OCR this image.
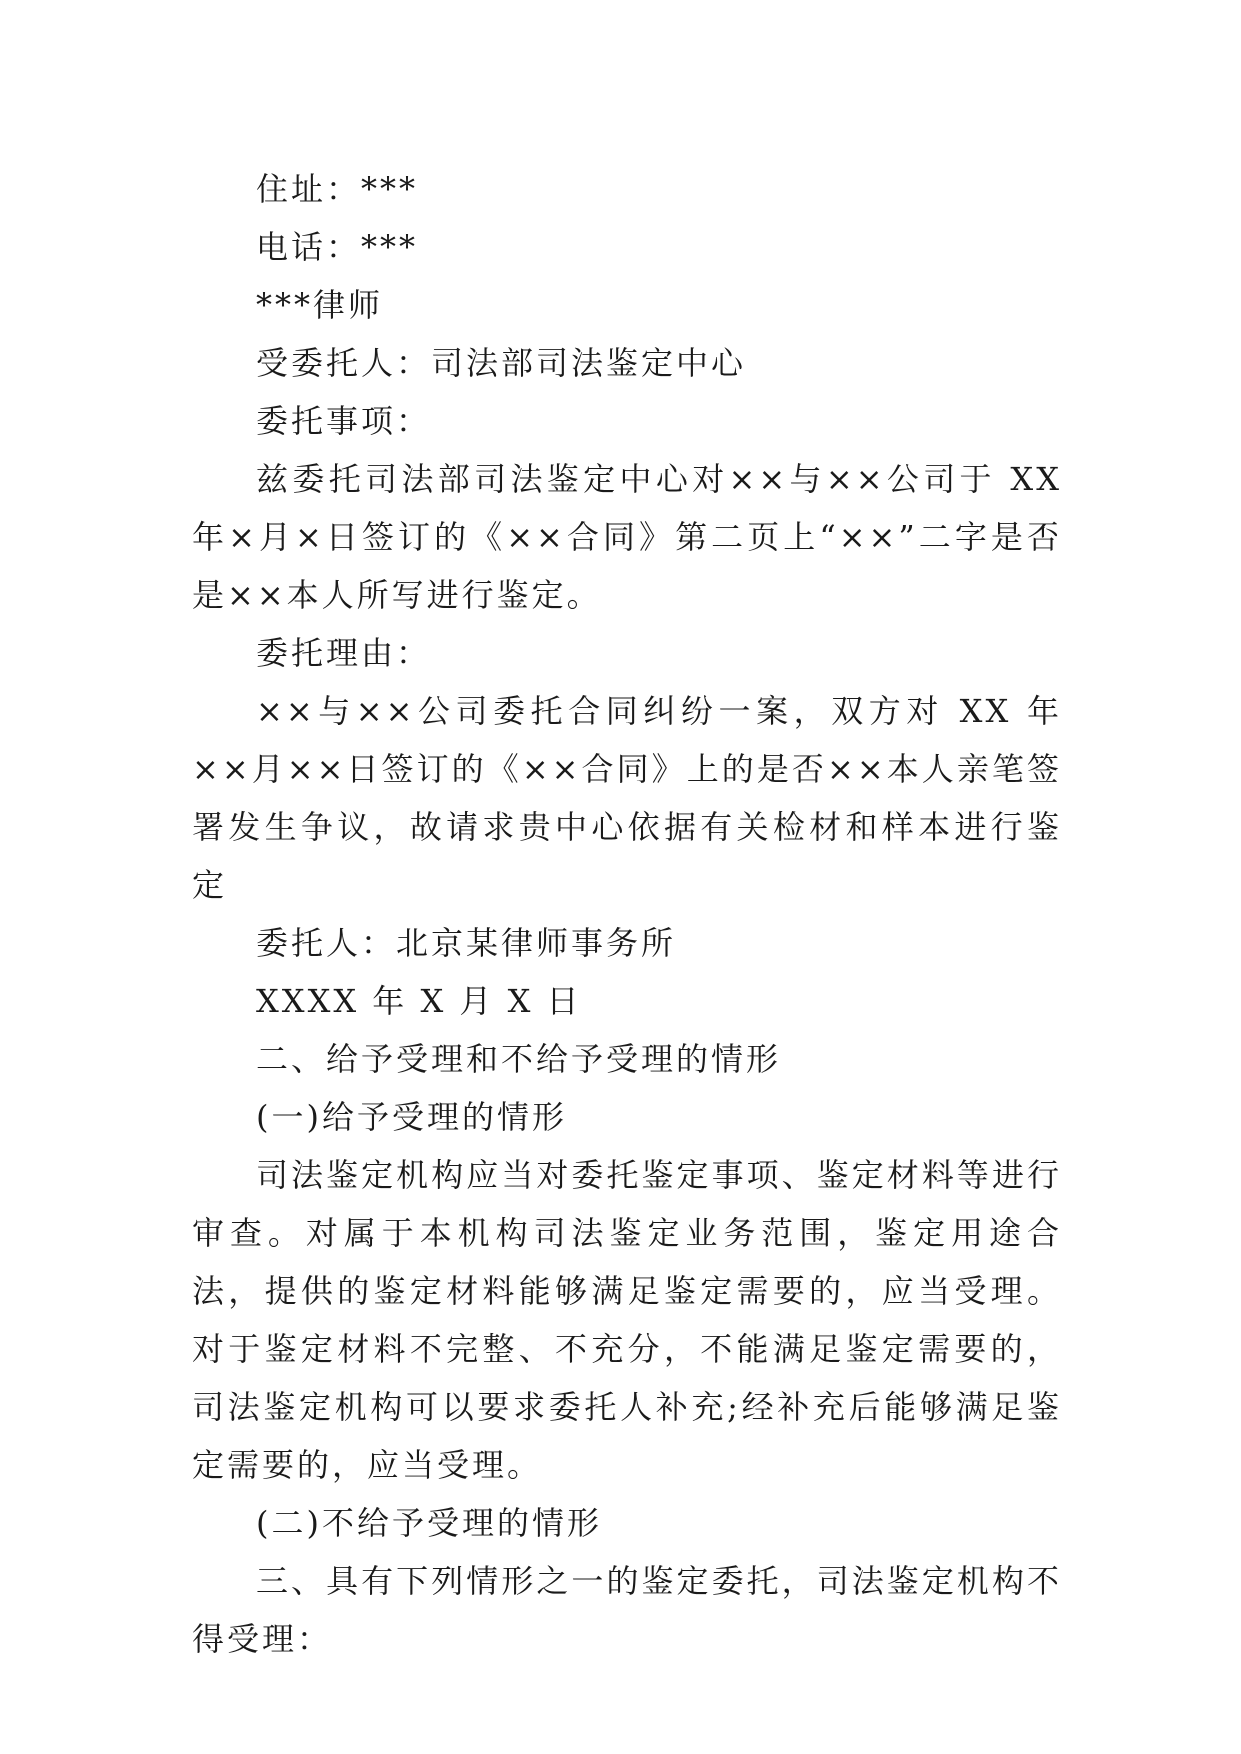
住址：***

电话：***

***律师

受委托人：司法部司法鉴定中心

委托事项：

兹委托司法部司法鉴定中心对××与××公司于 XX 年×月×日签订的《××合同》第二页上“××”二字是否是××本人所写进行鉴定。

委托理由：

××与××公司委托合同纠纷一案，双方对 XX 年××月××日签订的《××合同》上的是否××本人亲笔签署发生争议，故请求贵中心依据有关检材和样本进行鉴定

委托人：北京某律师事务所

XXXX 年 X 月 X 日

二、给予受理和不给予受理的情形

(一)给予受理的情形

司法鉴定机构应当对委托鉴定事项、鉴定材料等进行审查。对属于本机构司法鉴定业务范围，鉴定用途合法，提供的鉴定材料能够满足鉴定需要的，应当受理。对于鉴定材料不完整、不充分，不能满足鉴定需要的，司法鉴定机构可以要求委托人补充;经补充后能够满足鉴定需要的，应当受理。

(二)不给予受理的情形

三、具有下列情形之一的鉴定委托，司法鉴定机构不得受理：
